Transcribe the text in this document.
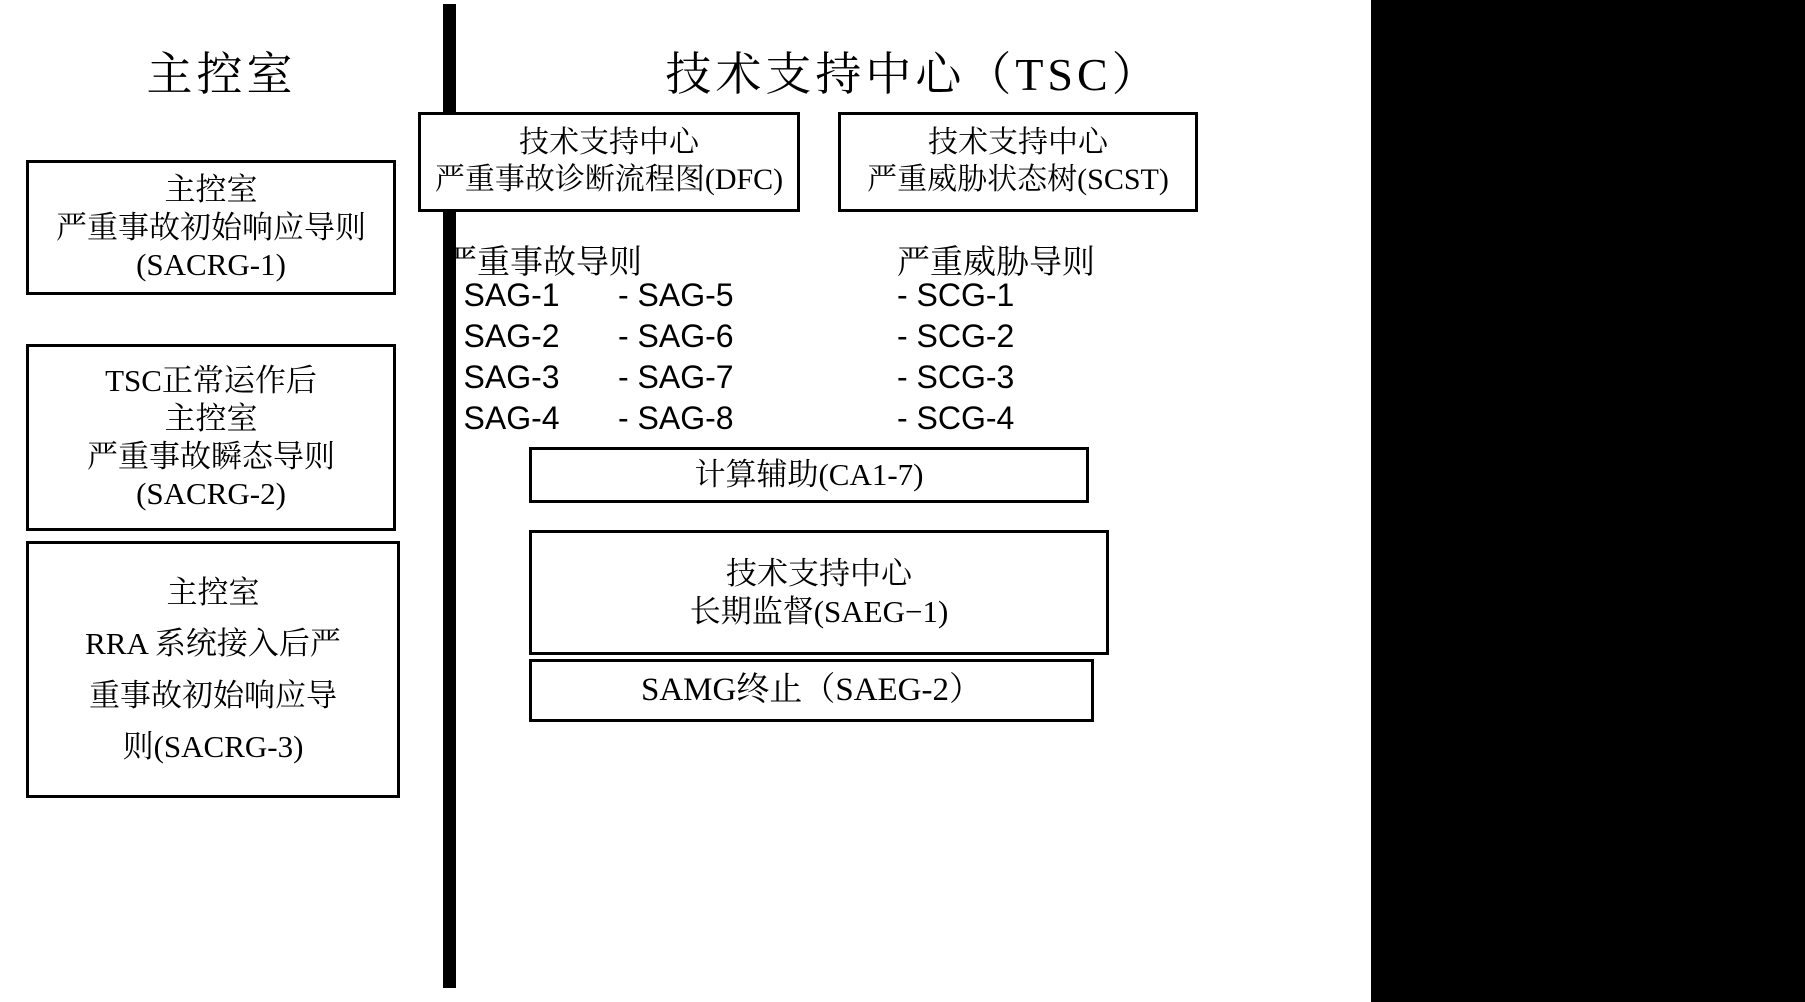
主控室	技术支持中心（TSC）
主控室
严重事故初始响应导则
(SACRG-1)
TSC正常运作后
主控室
严重事故瞬态导则
(SACRG-2)
主控室
RRA 系统接入后严
重事故初始响应导
则(SACRG-3)
技术支持中心
严重事故诊断流程图(DFC)
技术支持中心
严重威胁状态树(SCST)
严重事故导则	严重威胁导则
- SAG-1
- SAG-2
- SAG-3
- SAG-4
- SAG-5
- SAG-6
- SAG-7
- SAG-8
- SCG-1
- SCG-2
- SCG-3
- SCG-4
计算辅助(CA1-7)
技术支持中心
长期监督(SAEG−1)
SAMG终止（SAEG-2）
